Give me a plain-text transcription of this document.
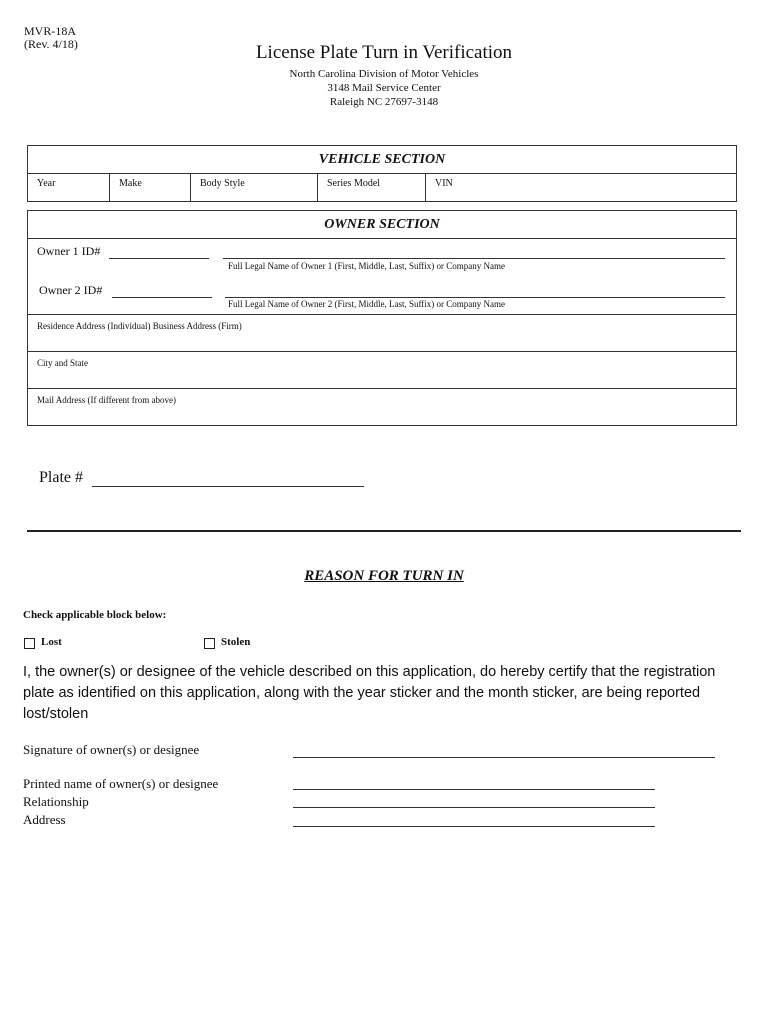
MVR-18A
(Rev. 4/18)	License Plate Turn in Verification
North Carolina Division of Motor Vehicles
3148 Mail Service Center
Raleigh NC 27697-3148
VEHICLE SECTION
Year	Make	Body Style	Series Model	VIN
OWNER SECTION
Owner 1 ID#
Full Legal Name of Owner 1 (First, Middle, Last, Suffix) or Company Name
Owner 2 ID#
Full Legal Name of Owner 2 (First, Middle, Last, Suffix) or Company Name
Residence Address (Individual) Business Address (Firm)
City and State
Mail Address (If different from above)
Plate #
REASON FOR TURN IN
Check applicable block below:
Lost	Stolen
I, the owner(s) or designee of the vehicle described on this application, do hereby certify that the registration plate as identified on this application, along with the year sticker and the month sticker, are being reported lost/stolen
Signature of owner(s) or designee
Printed name of owner(s) or designee
Relationship
Address
